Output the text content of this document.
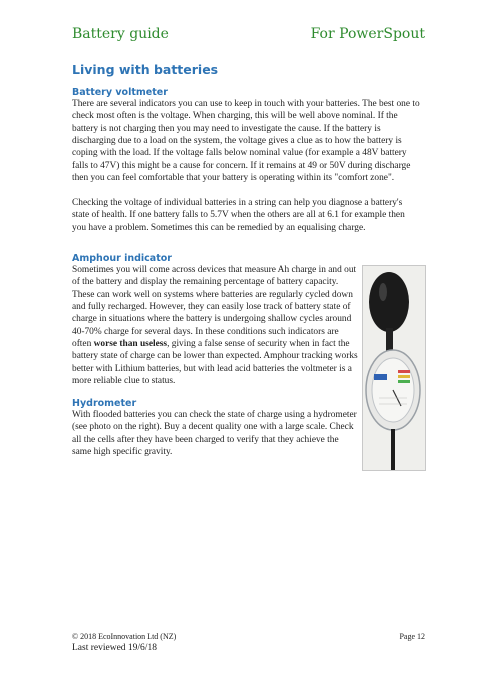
Battery guide	For PowerSpout
Living with batteries
Battery voltmeter

There are several indicators you can use to keep in touch with your batteries. The best one to check most often is the voltage. When charging, this will be well above nominal. If the battery is not charging then you may need to investigate the cause. If the battery is discharging due to a load on the system, the voltage gives a clue as to how the battery is coping with the load. If the voltage falls below nominal value (for example a 48V battery falls to 47V) this might be a cause for concern. If it remains at 49 or 50V during discharge then you can feel comfortable that your battery is operating within its "comfort zone".

Checking the voltage of individual batteries in a string can help you diagnose a battery's state of health. If one battery falls to 5.7V when the others are all at 6.1 for example then you have a problem. Sometimes this can be remedied by an equalising charge.

Amphour indicator

Sometimes you will come across devices that measure Ah charge in and out of the battery and display the remaining percentage of battery capacity. These can work well on systems where batteries are regularly cycled down and fully recharged. However, they can easily lose track of battery state of charge in situations where the battery is undergoing shallow cycles around 40-70% charge for several days. In these conditions such indicators are often worse than useless, giving a false sense of security when in fact the battery state of charge can be lower than expected. Amphour tracking works better with Lithium batteries, but with lead acid batteries the voltmeter is a more reliable clue to status.

Hydrometer

With flooded batteries you can check the state of charge using a hydrometer (see photo on the right). Buy a decent quality one with a large scale. Check all the cells after they have been charged to verify that they achieve the same high specific gravity.

© 2018 EcoInnovation Ltd (NZ)	Page 12
Last reviewed 19/6/18
